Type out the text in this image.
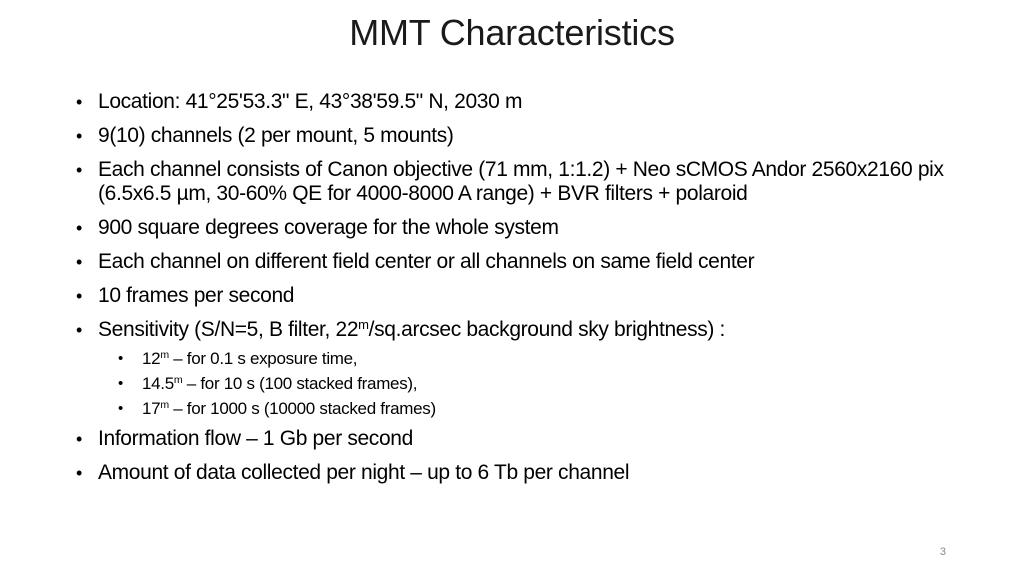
MMT Characteristics
• Location: 41°25'53.3" E, 43°38'59.5" N, 2030 m
• 9(10) channels (2 per mount, 5 mounts)
• Each channel consists of Canon objective (71 mm, 1:1.2) + Neo sCMOS Andor 2560x2160 pix (6.5x6.5 µm, 30-60% QE for 4000-8000 A range) + BVR filters + polaroid
• 900 square degrees coverage for the whole system
• Each channel on different field center or all channels on same field center
• 10 frames per second
• Sensitivity (S/N=5, B filter, 22$^m$/sq.arcsec background sky brightness) :
• 12$^m$ – for 0.1 s exposure time,
• 14.5$^m$ – for 10 s (100 stacked frames),
• 17$^m$ – for 1000 s (10000 stacked frames)
• Information flow – 1 Gb per second
• Amount of data collected per night – up to 6 Tb per channel
3
